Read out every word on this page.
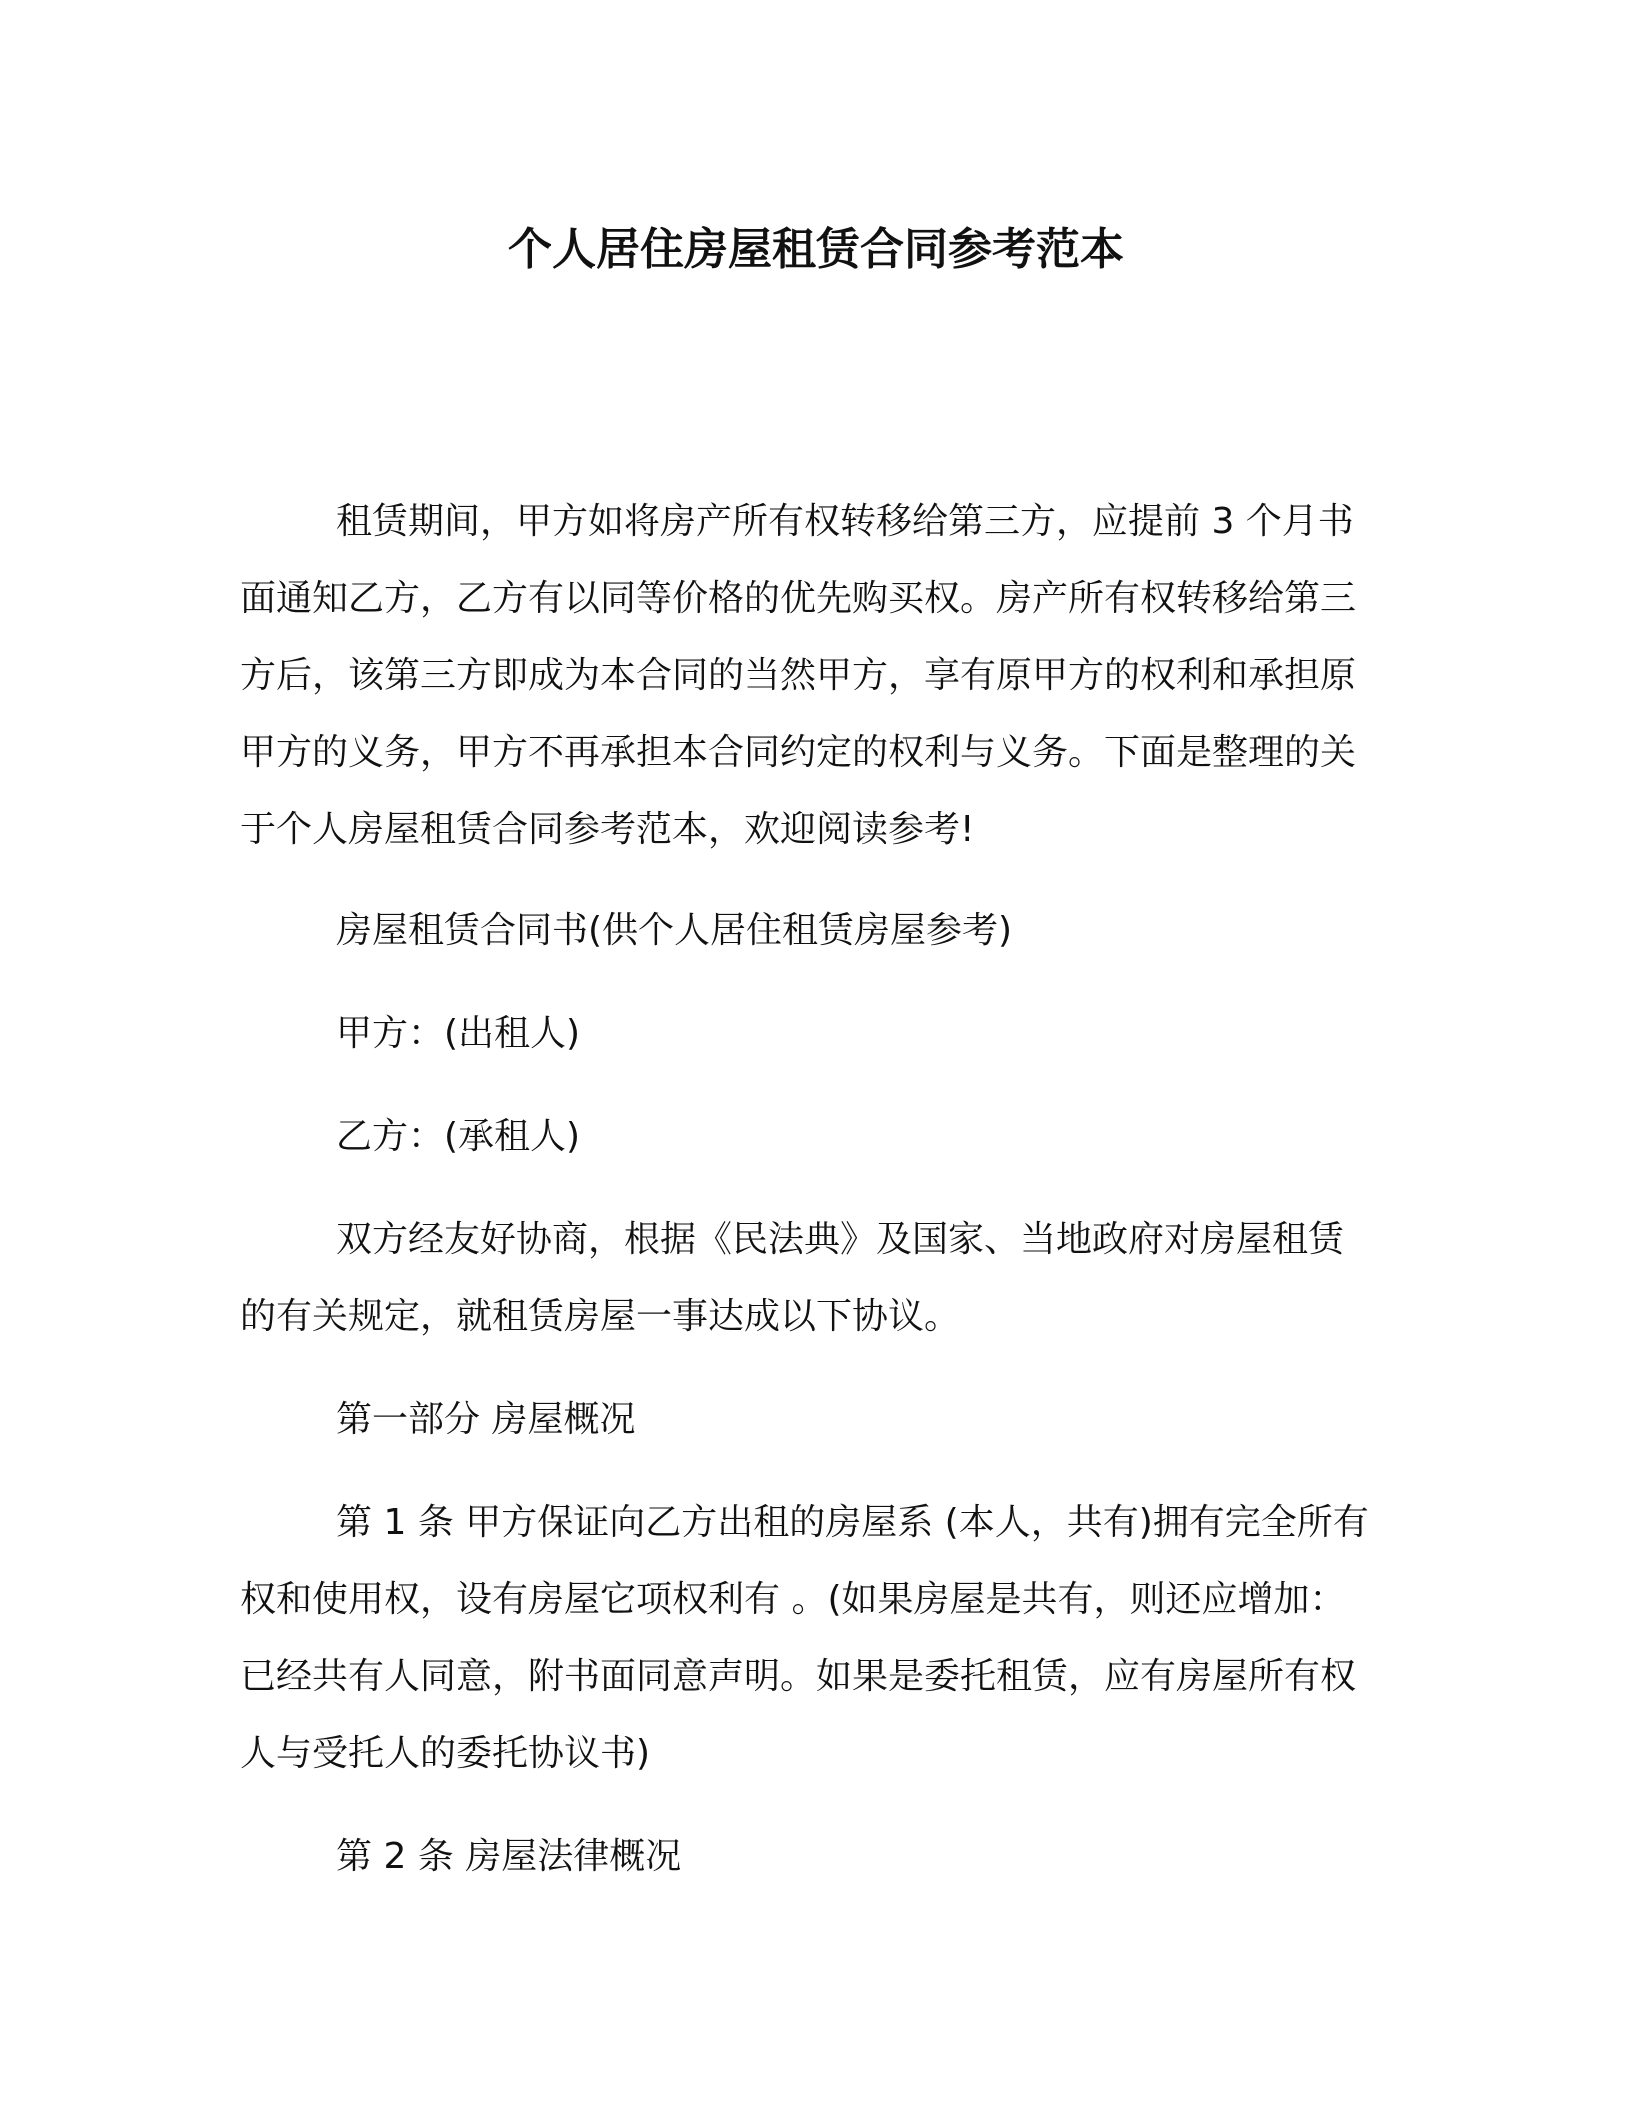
个人居住房屋租赁合同参考范本

租赁期间，甲方如将房产所有权转移给第三方，应提前 3 个月书面通知乙方，乙方有以同等价格的优先购买权。房产所有权转移给第三方后，该第三方即成为本合同的当然甲方，享有原甲方的权利和承担原甲方的义务，甲方不再承担本合同约定的权利与义务。下面是整理的关于个人房屋租赁合同参考范本，欢迎阅读参考!

房屋租赁合同书(供个人居住租赁房屋参考)

甲方：(出租人)

乙方：(承租人)

双方经友好协商，根据《民法典》及国家、当地政府对房屋租赁的有关规定，就租赁房屋一事达成以下协议。

第一部分 房屋概况

第 1 条 甲方保证向乙方出租的房屋系 (本人，共有)拥有完全所有权和使用权，设有房屋它项权利有 。(如果房屋是共有，则还应增加：已经共有人同意，附书面同意声明。如果是委托租赁，应有房屋所有权人与受托人的委托协议书)

第 2 条 房屋法律概况
